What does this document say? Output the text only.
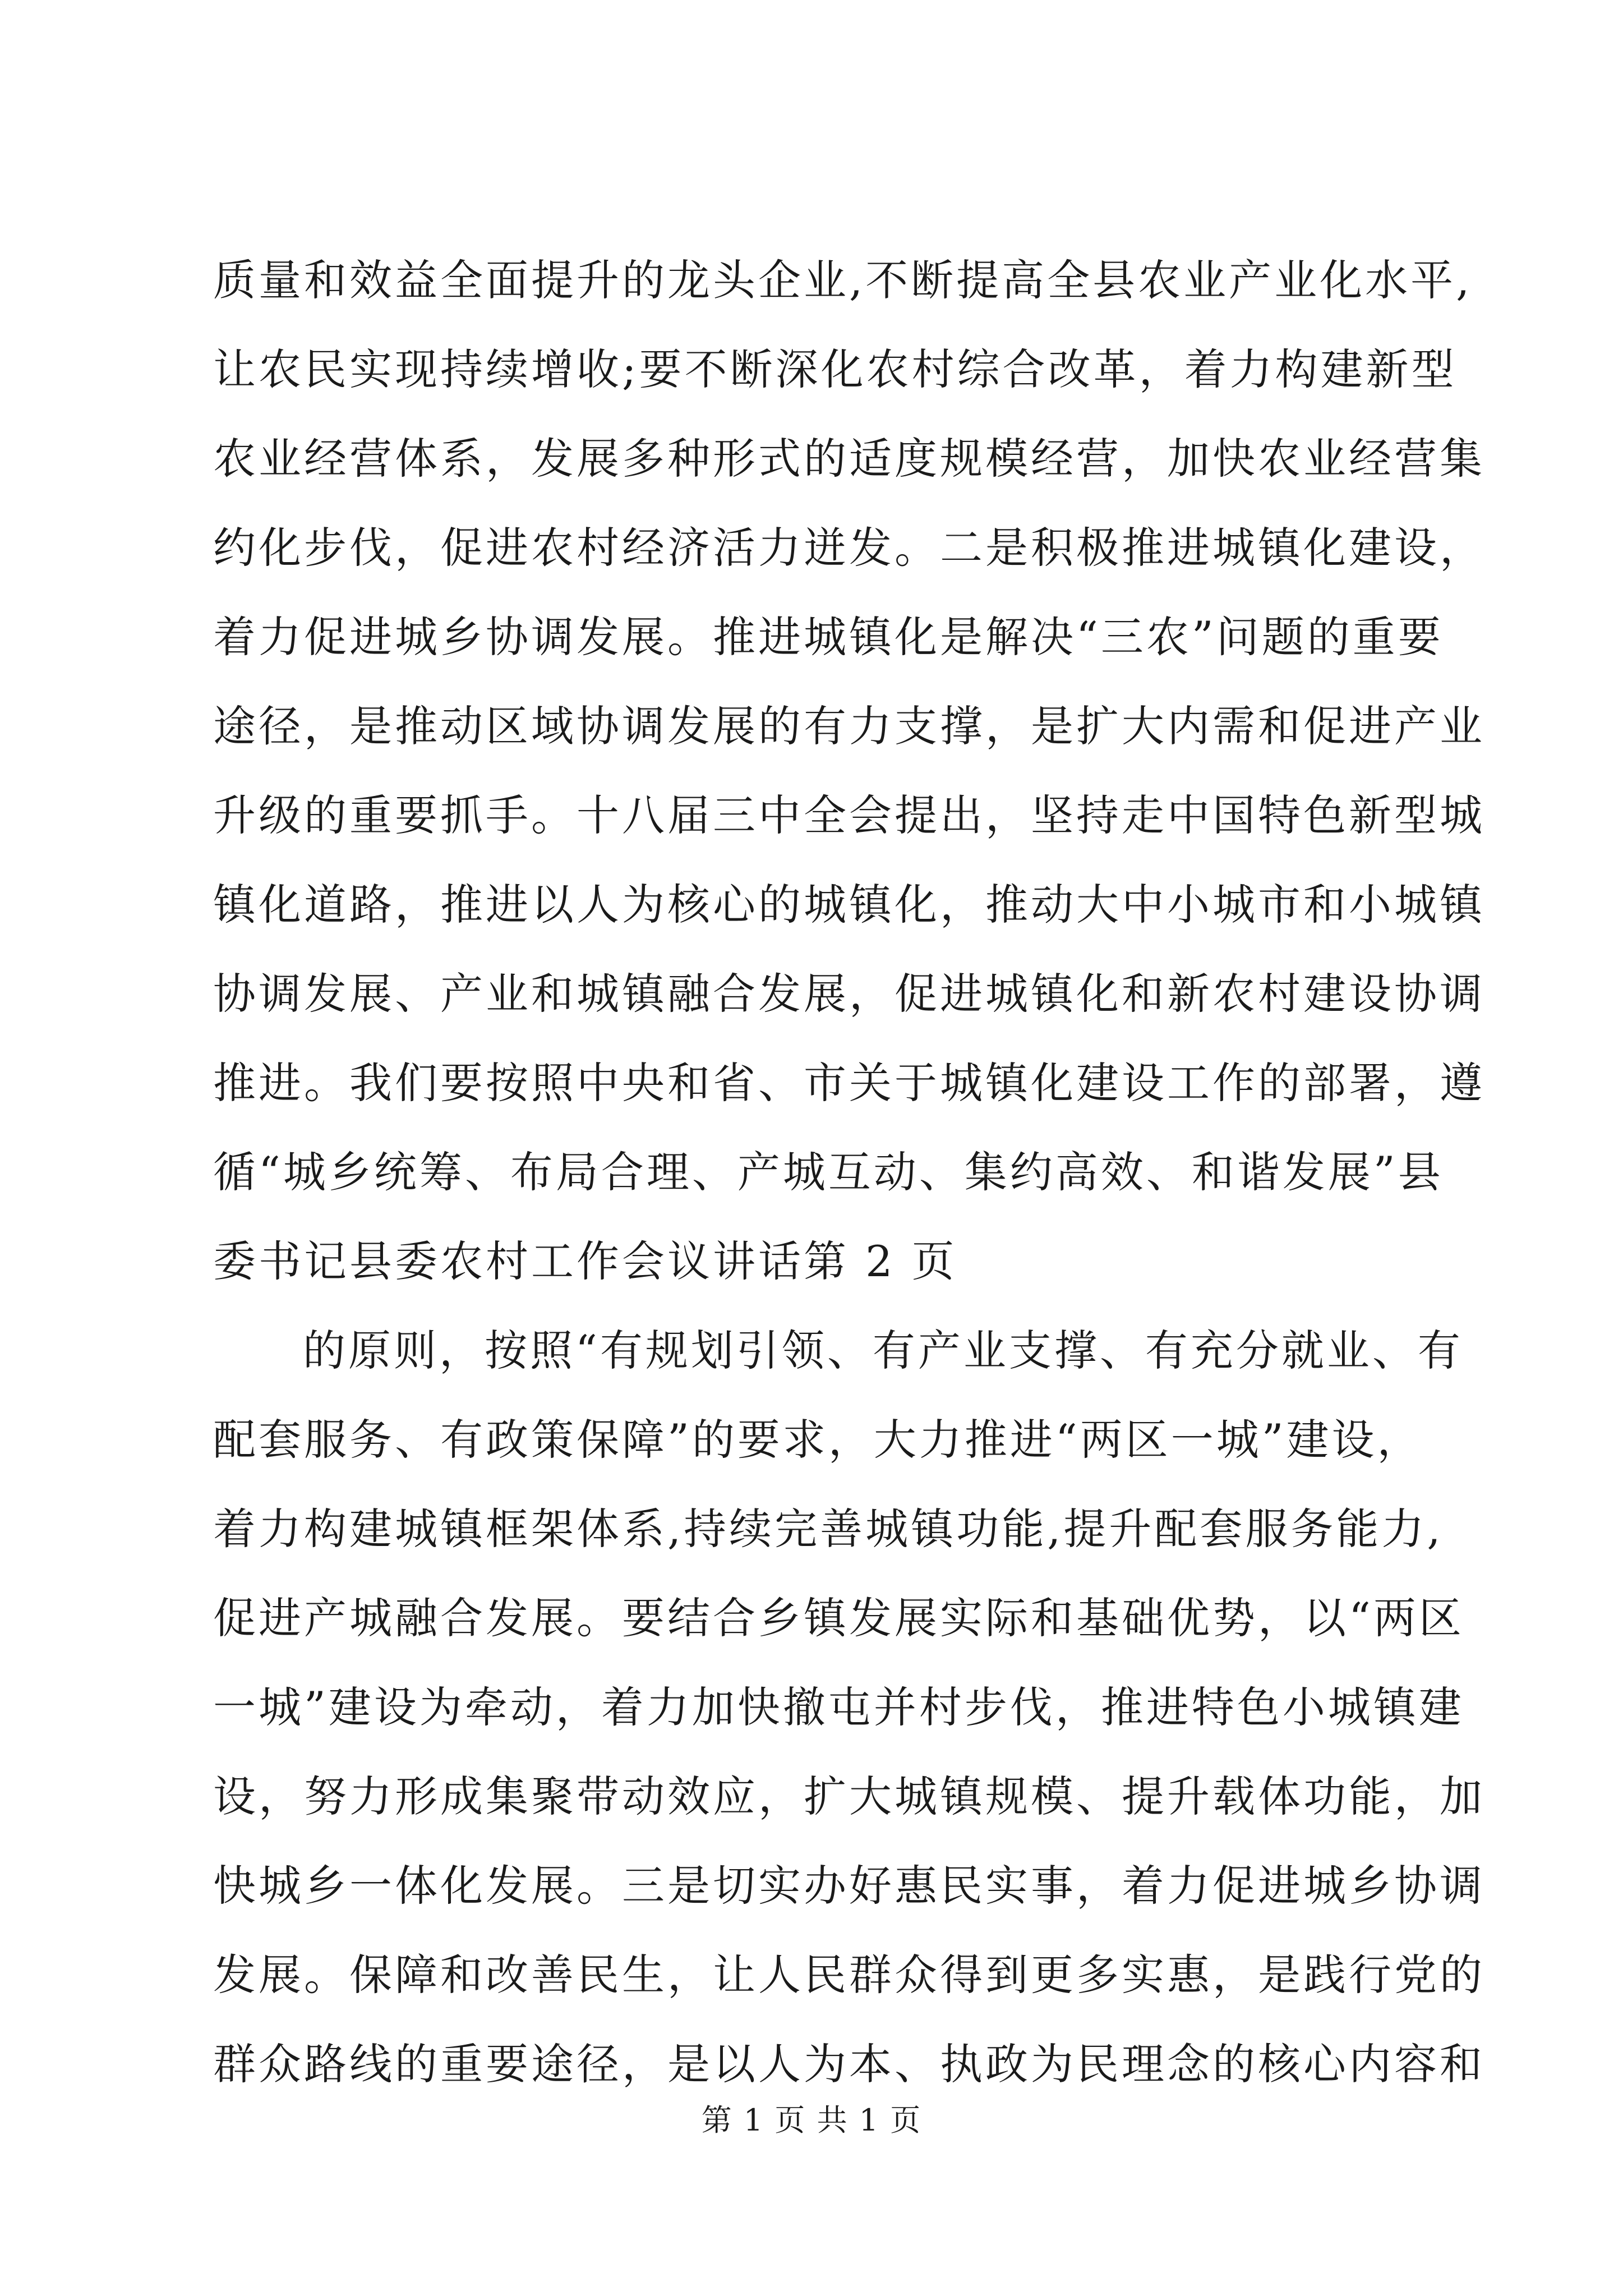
质量和效益全面提升的龙头企业,不断提高全县农业产业化水平,
让农民实现持续增收;要不断深化农村综合改革，着力构建新型
农业经营体系，发展多种形式的适度规模经营，加快农业经营集
约化步伐，促进农村经济活力迸发。二是积极推进城镇化建设，
着力促进城乡协调发展。推进城镇化是解决“三农”问题的重要
途径，是推动区域协调发展的有力支撑，是扩大内需和促进产业
升级的重要抓手。十八届三中全会提出，坚持走中国特色新型城
镇化道路，推进以人为核心的城镇化，推动大中小城市和小城镇
协调发展、产业和城镇融合发展，促进城镇化和新农村建设协调
推进。我们要按照中央和省、市关于城镇化建设工作的部署，遵
循“城乡统筹、布局合理、产城互动、集约高效、和谐发展”县
委书记县委农村工作会议讲话第 2 页
的原则，按照“有规划引领、有产业支撑、有充分就业、有
配套服务、有政策保障”的要求，大力推进“两区一城”建设，
着力构建城镇框架体系,持续完善城镇功能,提升配套服务能力,
促进产城融合发展。要结合乡镇发展实际和基础优势，以“两区
一城”建设为牵动，着力加快撤屯并村步伐，推进特色小城镇建
设，努力形成集聚带动效应，扩大城镇规模、提升载体功能，加
快城乡一体化发展。三是切实办好惠民实事，着力促进城乡协调
发展。保障和改善民生，让人民群众得到更多实惠，是践行党的
群众路线的重要途径，是以人为本、执政为民理念的核心内容和
第 1 页 共 1 页
